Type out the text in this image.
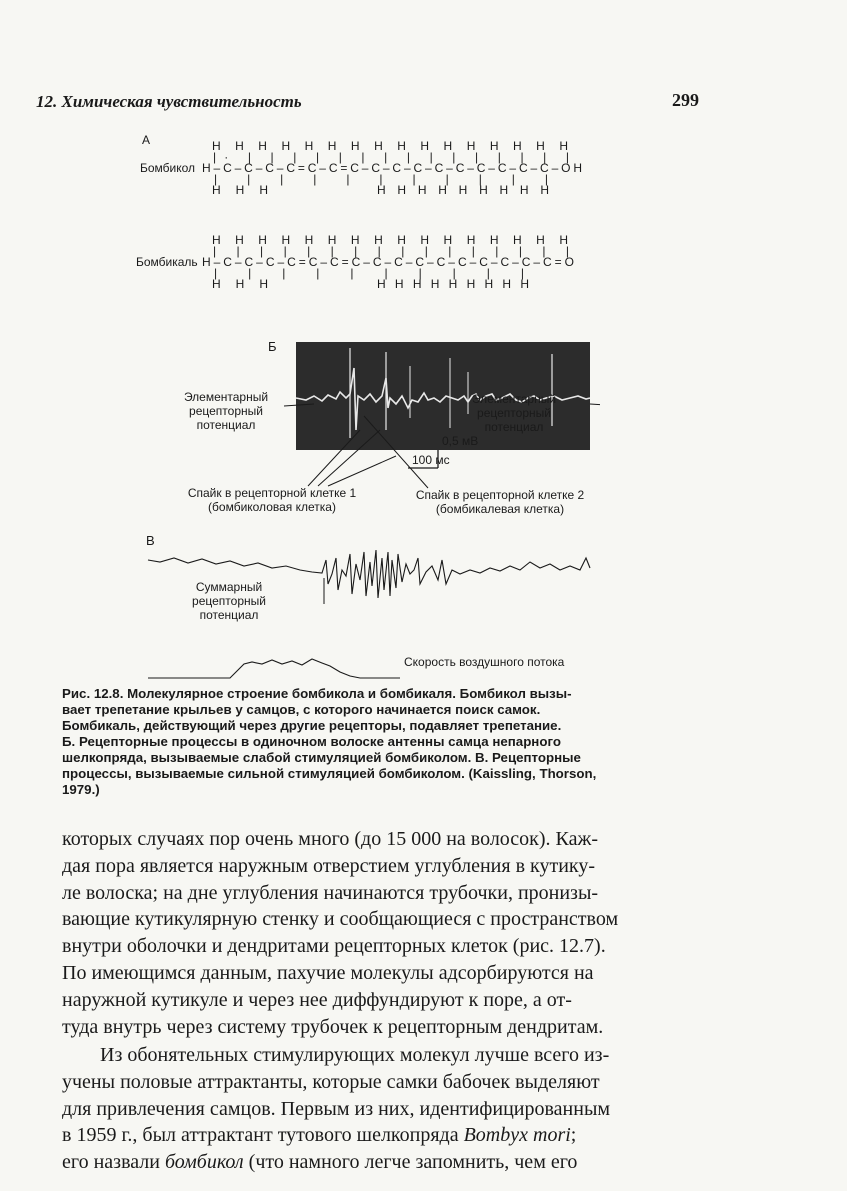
12. Химическая чувствительность	299
А	H H H H H H H H H H H H H H H H
|· | | | | | | | | | | | | | | |
Бомбикол H–C–C–C–C=C–C=C–C–C–C–C–C–C–C–C–C–OH
| | | | | | | | | | |
H H H	H H H H H H H H H
H H H H H H H H H H H H H H H H
| | | | | | | | | | | | | | | |
Бомбикаль H–C–C–C–C=C–C=C–C–C–C–C–C–C–C–C–C=O
| | | | | | | | | |
H H H	H H H H H H H H H
Б
Элементарный
рецепторный
потенциал
Элементарный
рецепторный
потенциал
0,5 мВ
100 мс
Спайк в рецепторной клетке 1
(бомбиколовая клетка)
Спайк в рецепторной клетке 2
(бомбикалевая клетка)
В
Суммарный
рецепторный
потенциал
Скорость воздушного потока
Рис. 12.8. Молекулярное строение бомбикола и бомбикаля. Бомбикол вызы-
вает трепетание крыльев у самцов, с которого начинается поиск самок.
Бомбикаль, действующий через другие рецепторы, подавляет трепетание.
Б. Рецепторные процессы в одиночном волоске антенны самца непарного
шелкопряда, вызываемые слабой стимуляцией бомбиколом. В. Рецепторные
процессы, вызываемые сильной стимуляцией бомбиколом. (Kaissling, Thorson,
1979.)
которых случаях пор очень много (до 15 000 на волосок). Каж-
дая пора является наружным отверстием углубления в кутику-
ле волоска; на дне углубления начинаются трубочки, пронизы-
вающие кутикулярную стенку и сообщающиеся с пространством
внутри оболочки и дендритами рецепторных клеток (рис. 12.7).
По имеющимся данным, пахучие молекулы адсорбируются на
наружной кутикуле и через нее диффундируют к поре, а от-
туда внутрь через систему трубочек к рецепторным дендритам.
Из обонятельных стимулирующих молекул лучше всего из-
учены половые аттрактанты, которые самки бабочек выделяют
для привлечения самцов. Первым из них, идентифицированным
в 1959 г., был аттрактант тутового шелкопряда Bombyx mori;
его назвали бомбикол (что намного легче запомнить, чем его
